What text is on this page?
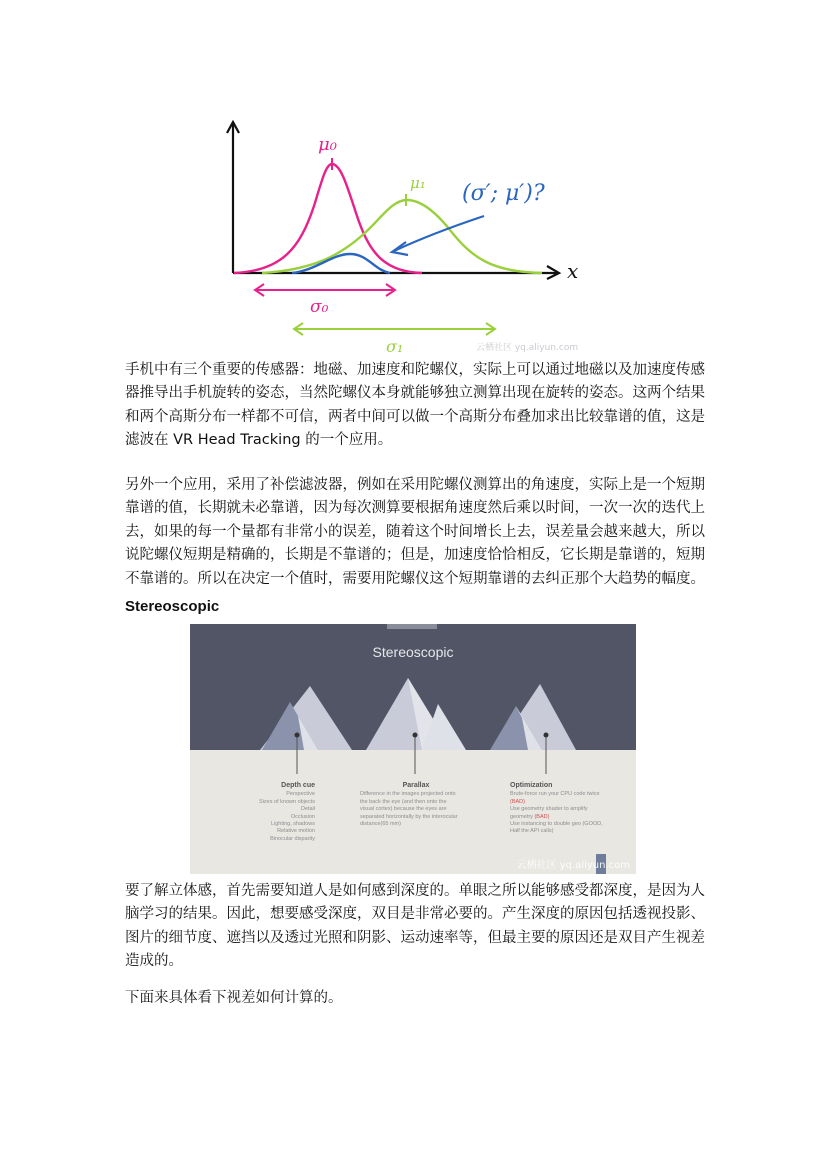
x
μ₀
μ₁ (σ′; μ′)?
σ₀
σ₁	云栖社区 yq.aliyun.com

手机中有三个重要的传感器：地磁、加速度和陀螺仪，实际上可以通过地磁以及加速度传感器推导出手机旋转的姿态，当然陀螺仪本身就能够独立测算出现在旋转的姿态。这两个结果和两个高斯分布一样都不可信，两者中间可以做一个高斯分布叠加求出比较靠谱的值，这是滤波在 VR Head Tracking 的一个应用。

另外一个应用，采用了补偿滤波器，例如在采用陀螺仪测算出的角速度，实际上是一个短期靠谱的值，长期就未必靠谱，因为每次测算要根据角速度然后乘以时间，一次一次的迭代上去，如果的每一个量都有非常小的误差，随着这个时间增长上去，误差量会越来越大，所以说陀螺仪短期是精确的，长期是不靠谱的；但是，加速度恰恰相反，它长期是靠谱的，短期不靠谱的。所以在决定一个值时，需要用陀螺仪这个短期靠谱的去纠正那个大趋势的幅度。

Stereoscopic
Stereoscopic
Depth cue
Perspective
Sizes of known objects
Detail
Occlusion
Lighting, shadows
Relative motion
Binocular disparity
Parallax
Difference in the images projected onto
the back the eye (and then onto the
visual cortex) because the eyes are
separated horizontally by the interocular
distance(65 mm)
Optimization
Brute-force run your CPU code twice
(BAD)
Use geometry shader to amplify
geometry (BAD)
Use instancing to double geo (GOOD,
Half the API calls)
云栖社区 yq.aliyun.com

要了解立体感，首先需要知道人是如何感到深度的。单眼之所以能够感受都深度，是因为人脑学习的结果。因此，想要感受深度，双目是非常必要的。产生深度的原因包括透视投影、图片的细节度、遮挡以及透过光照和阴影、运动速率等，但最主要的原因还是双目产生视差造成的。

下面来具体看下视差如何计算的。
